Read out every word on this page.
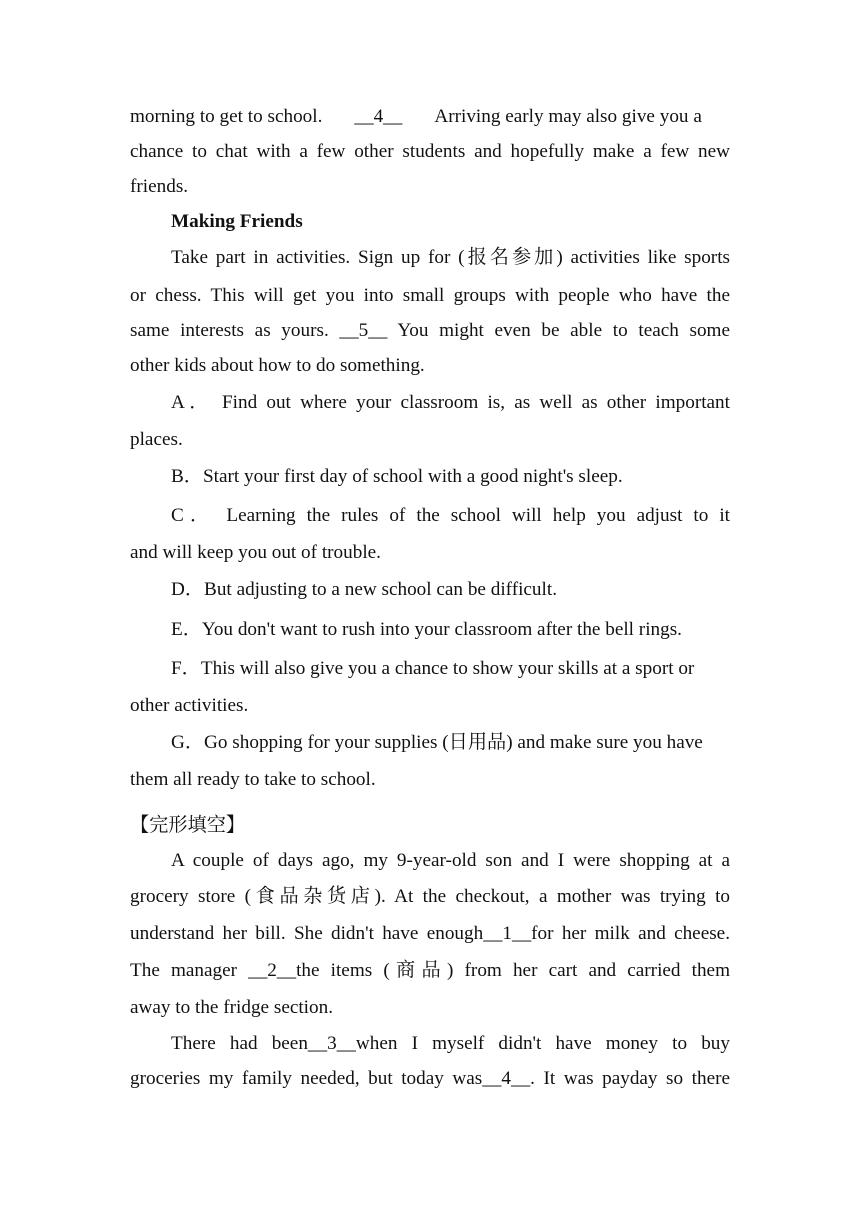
morning to get to school. __4__ Arriving early may also give you a
chance to chat with a few other students and hopefully make a few new
friends.
Making Friends
Take part in activities. Sign up for (报名参加) activities like sports
or chess. This will get you into small groups with people who have the
same interests as yours. __5__ You might even be able to teach some
other kids about how to do something.
A． Find out where your classroom is, as well as other important
places.
B．Start your first day of school with a good night's sleep.
C． Learning the rules of the school will help you adjust to it
and will keep you out of trouble.
D．But adjusting to a new school can be difficult.
E．You don't want to rush into your classroom after the bell rings.
F．This will also give you a chance to show your skills at a sport or
other activities.
G．Go shopping for your supplies (日用品) and make sure you have
them all ready to take to school.
【完形填空】
A couple of days ago, my 9-year-old son and I were shopping at a
grocery store (食品杂货店). At the checkout, a mother was trying to
understand her bill. She didn't have enough__1__for her milk and cheese.
The manager __2__the items (商品) from her cart and carried them
away to the fridge section.
There had been__3__when I myself didn't have money to buy
groceries my family needed, but today was__4__. It was payday so there
